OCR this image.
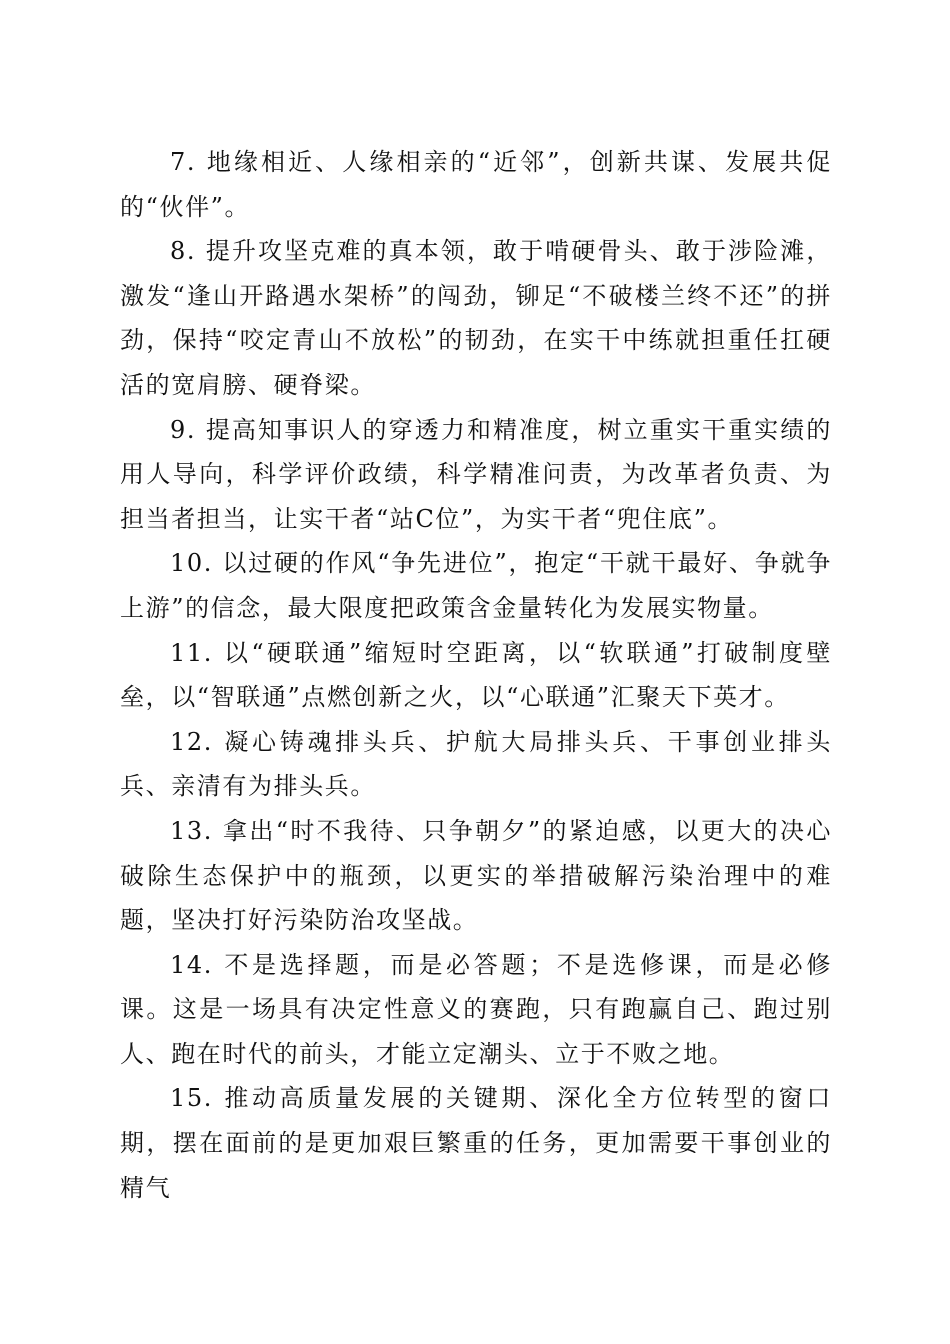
7. 地缘相近、人缘相亲的“近邻”，创新共谋、发展共促的“伙伴”。

8. 提升攻坚克难的真本领，敢于啃硬骨头、敢于涉险滩，激发“逢山开路遇水架桥”的闯劲，铆足“不破楼兰终不还”的拼劲，保持“咬定青山不放松”的韧劲，在实干中练就担重任扛硬活的宽肩膀、硬脊梁。

9. 提高知事识人的穿透力和精准度，树立重实干重实绩的用人导向，科学评价政绩，科学精准问责，为改革者负责、为担当者担当，让实干者“站C位”，为实干者“兜住底”。

10. 以过硬的作风“争先进位”，抱定“干就干最好、争就争上游”的信念，最大限度把政策含金量转化为发展实物量。

11. 以“硬联通”缩短时空距离，以“软联通”打破制度壁垒，以“智联通”点燃创新之火，以“心联通”汇聚天下英才。

12. 凝心铸魂排头兵、护航大局排头兵、干事创业排头兵、亲清有为排头兵。

13. 拿出“时不我待、只争朝夕”的紧迫感，以更大的决心破除生态保护中的瓶颈，以更实的举措破解污染治理中的难题，坚决打好污染防治攻坚战。

14. 不是选择题，而是必答题；不是选修课，而是必修课。这是一场具有决定性意义的赛跑，只有跑赢自己、跑过别人、跑在时代的前头，才能立定潮头、立于不败之地。

15. 推动高质量发展的关键期、深化全方位转型的窗口期，摆在面前的是更加艰巨繁重的任务，更加需要干事创业的精气
